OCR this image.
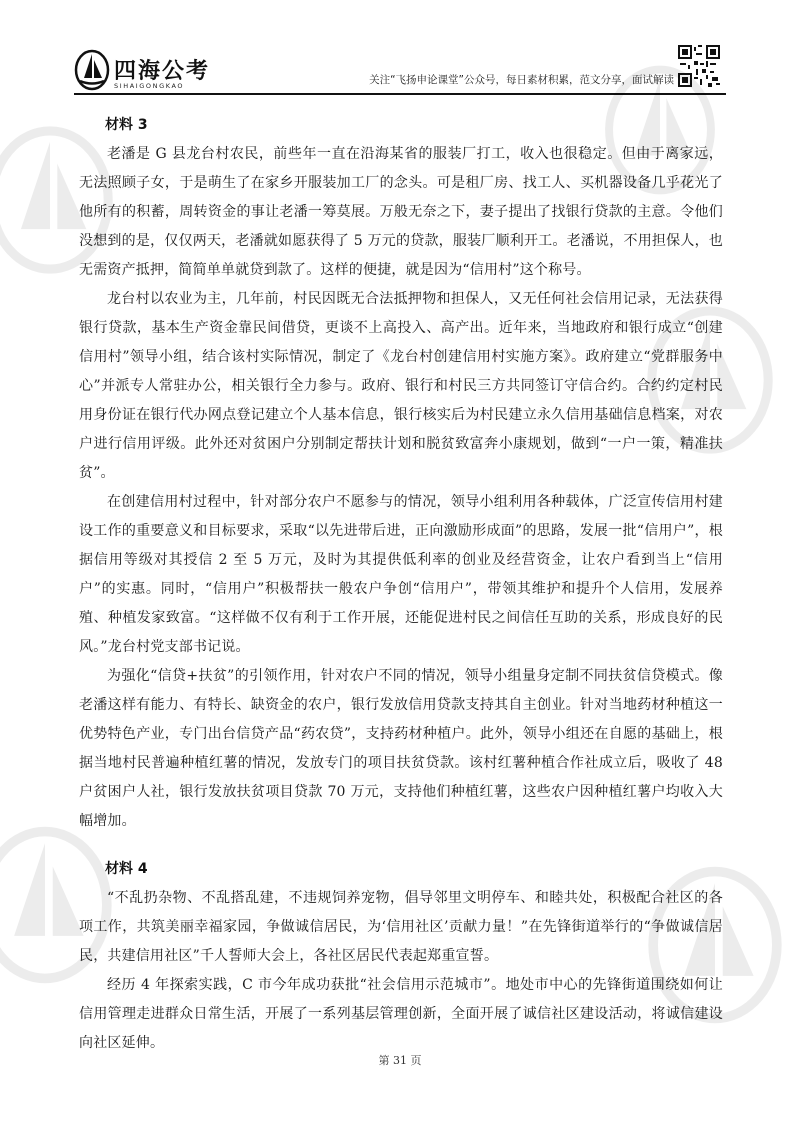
四海公考
SIHAIGONGKAO	关注“飞扬申论课堂”公众号，每日素材积累，范文分享，面试解读
材料 3

老潘是 G 县龙台村农民，前些年一直在沿海某省的服装厂打工，收入也很稳定。但由于离家远，无法照顾子女，于是萌生了在家乡开服装加工厂的念头。可是租厂房、找工人、买机器设备几乎花光了他所有的积蓄，周转资金的事让老潘一筹莫展。万般无奈之下，妻子提出了找银行贷款的主意。令他们没想到的是，仅仅两天，老潘就如愿获得了 5 万元的贷款，服装厂顺利开工。老潘说，不用担保人，也无需资产抵押，简简单单就贷到款了。这样的便捷，就是因为“信用村”这个称号。

龙台村以农业为主，几年前，村民因既无合法抵押物和担保人，又无任何社会信用记录，无法获得银行贷款，基本生产资金靠民间借贷，更谈不上高投入、高产出。近年来，当地政府和银行成立“创建信用村”领导小组，结合该村实际情况，制定了《龙台村创建信用村实施方案》。政府建立“党群服务中心”并派专人常驻办公，相关银行全力参与。政府、银行和村民三方共同签订守信合约。合约约定村民用身份证在银行代办网点登记建立个人基本信息，银行核实后为村民建立永久信用基础信息档案，对农户进行信用评级。此外还对贫困户分别制定帮扶计划和脱贫致富奔小康规划，做到“一户一策，精准扶贫”。

在创建信用村过程中，针对部分农户不愿参与的情况，领导小组利用各种载体，广泛宣传信用村建设工作的重要意义和目标要求，采取“以先进带后进，正向激励形成面”的思路，发展一批“信用户”，根据信用等级对其授信 2 至 5 万元，及时为其提供低利率的创业及经营资金，让农户看到当上“信用户”的实惠。同时，“信用户”积极帮扶一般农户争创“信用户”，带领其维护和提升个人信用，发展养殖、种植发家致富。“这样做不仅有利于工作开展，还能促进村民之间信任互助的关系，形成良好的民风。”龙台村党支部书记说。

为强化“信贷+扶贫”的引领作用，针对农户不同的情况，领导小组量身定制不同扶贫信贷模式。像老潘这样有能力、有特长、缺资金的农户，银行发放信用贷款支持其自主创业。针对当地药材种植这一优势特色产业，专门出台信贷产品“药农贷”，支持药材种植户。此外，领导小组还在自愿的基础上，根据当地村民普遍种植红薯的情况，发放专门的项目扶贫贷款。该村红薯种植合作社成立后，吸收了 48 户贫困户人社，银行发放扶贫项目贷款 70 万元，支持他们种植红薯，这些农户因种植红薯户均收入大幅增加。

材料 4

“不乱扔杂物、不乱搭乱建，不违规饲养宠物，倡导邻里文明停车、和睦共处，积极配合社区的各项工作，共筑美丽幸福家园，争做诚信居民，为‘信用社区’贡献力量！”在先锋街道举行的“争做诚信居民，共建信用社区”千人誓师大会上，各社区居民代表起郑重宣誓。

经历 4 年探索实践，C 市今年成功获批“社会信用示范城市”。地处市中心的先锋街道围绕如何让信用管理走进群众日常生活，开展了一系列基层管理创新，全面开展了诚信社区建设活动，将诚信建设向社区延伸。

第 31 页
